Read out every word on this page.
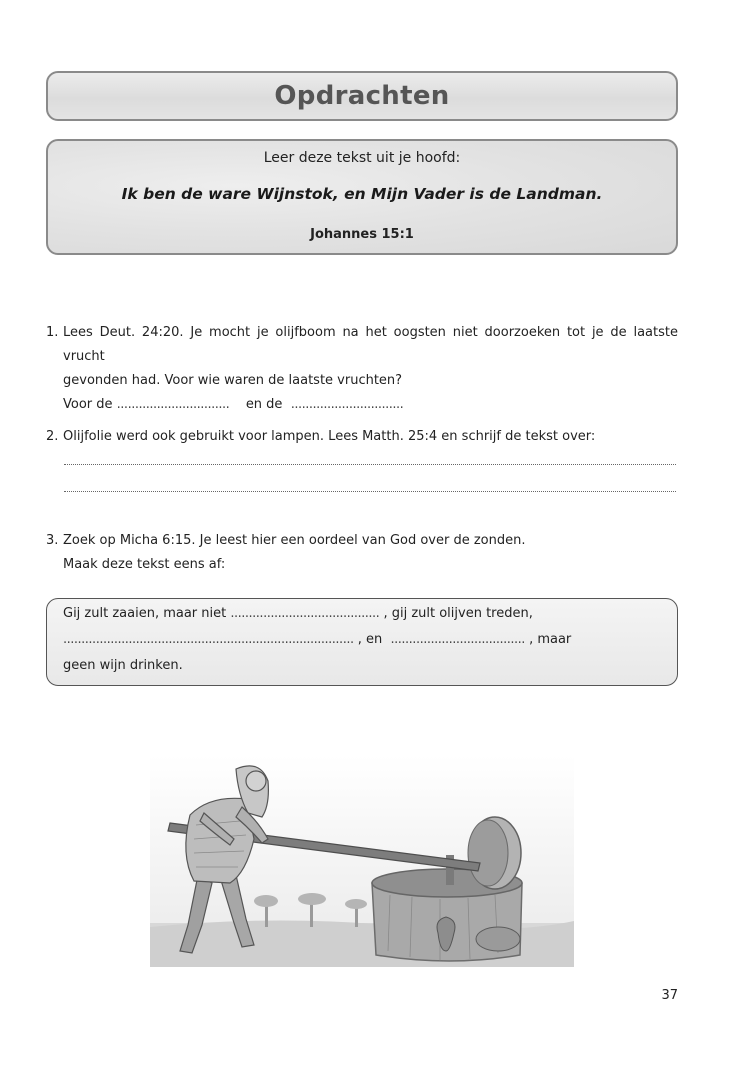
Opdrachten
Leer deze tekst uit je hoofd:
Ik ben de ware Wijnstok, en Mijn Vader is de Landman.
Johannes 15:1
1. Lees Deut. 24:20. Je mocht je olijfboom na het oogsten niet doorzoeken tot je de laatste vrucht
gevonden had. Voor wie waren de laatste vruchten?
Voor de ............................... en de ...............................
2. Olijfolie werd ook gebruikt voor lampen. Lees Matth. 25:4 en schrijf de tekst over:
3. Zoek op Micha 6:15. Je leest hier een oordeel van God over de zonden.
Maak deze tekst eens af:
Gij zult zaaien, maar niet ......................................... , gij zult olijven treden,
................................................................................ , en ..................................... , maar
geen wijn drinken.
37
